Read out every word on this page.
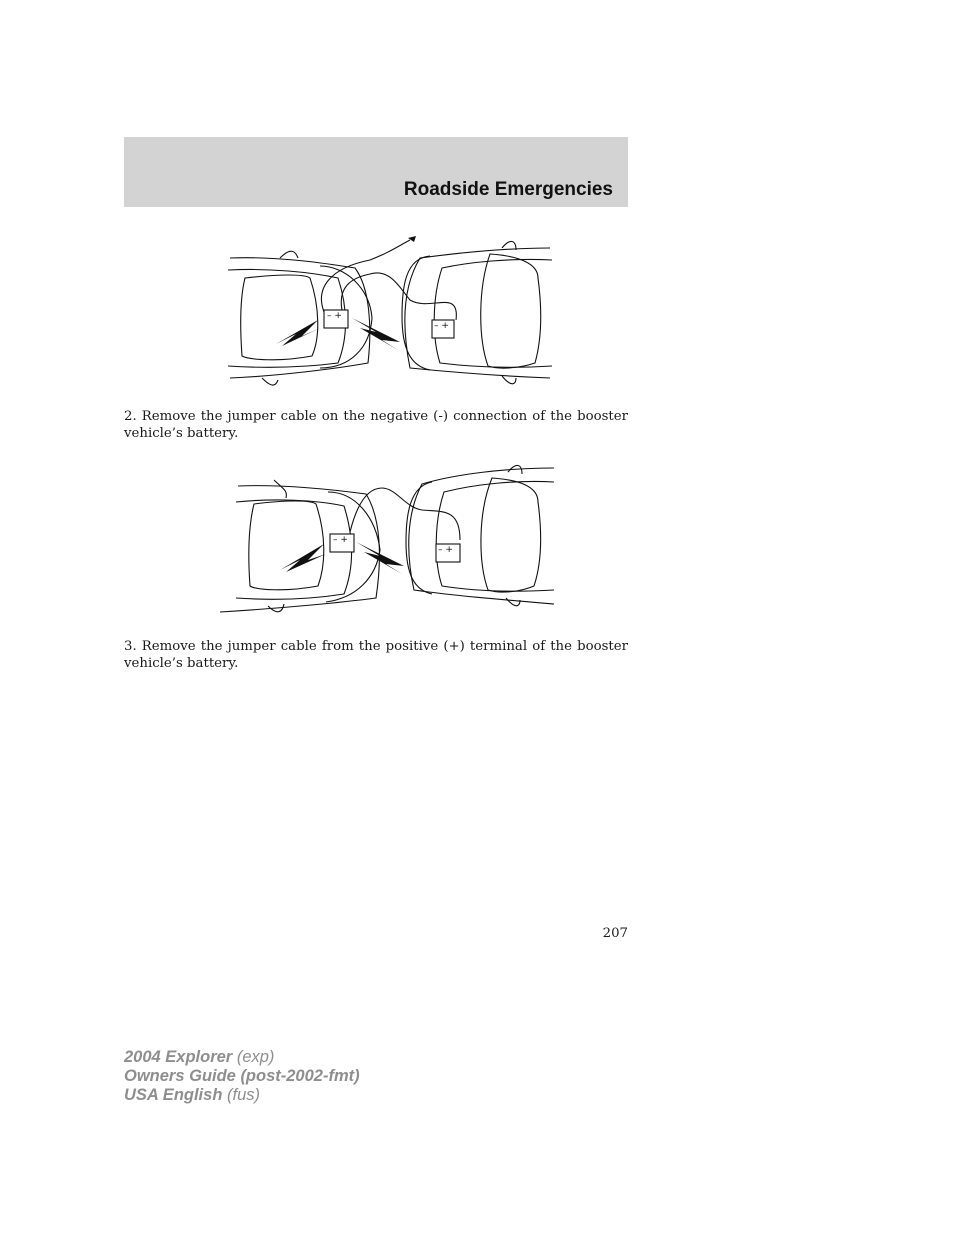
Roadside Emergencies
– +
– +
2. Remove the jumper cable on the negative (-) connection of the booster vehicle’s battery.
– +
– +
3. Remove the jumper cable from the positive (+) terminal of the booster vehicle’s battery.
207
2004 Explorer (exp)
Owners Guide (post-2002-fmt)
USA English (fus)
